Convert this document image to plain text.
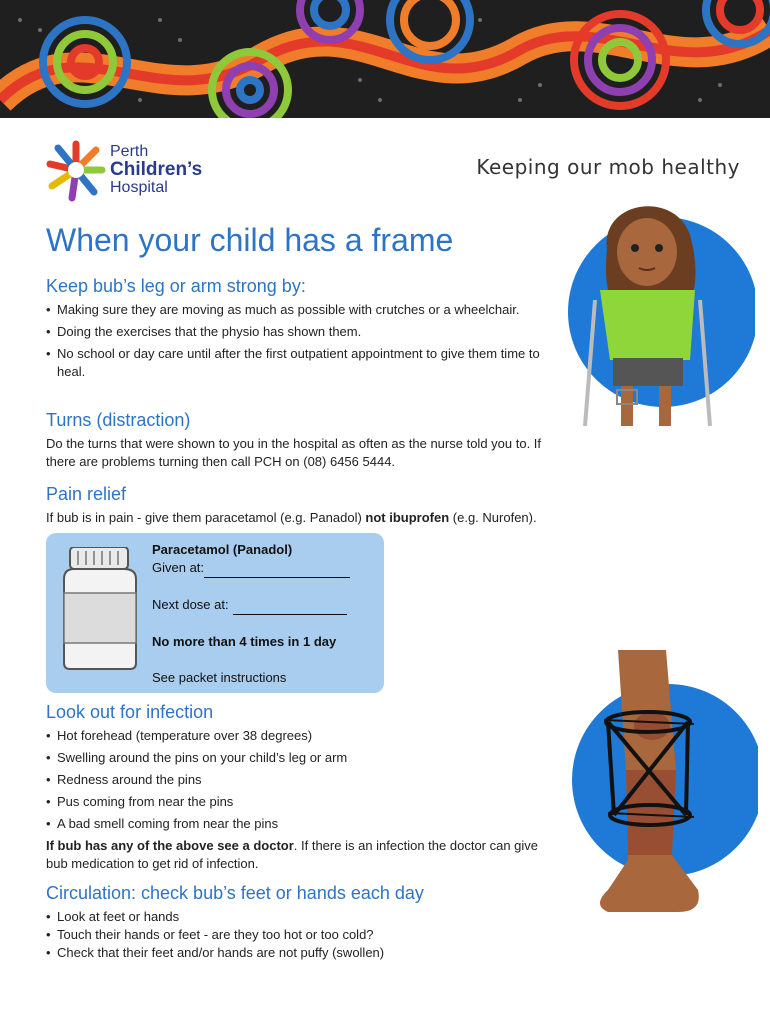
Perth
Children’s
Hospital
Keeping our mob healthy
When your child has a frame
Keep bub’s leg or arm strong by:
• Making sure they are moving as much as possible with crutches or a wheelchair.
• Doing the exercises that the physio has shown them.
• No school or day care until after the first outpatient appointment to give them time to heal.
Turns (distraction)

Do the turns that were shown to you in the hospital as often as the nurse told you to. If there are problems turning then call PCH on (08) 6456 5444.

Pain relief

If bub is in pain - give them paracetamol (e.g. Panadol) not ibuprofen (e.g. Nurofen).

Paracetamol (Panadol)
Given at:
Next dose at:
No more than 4 times in 1 day
See packet instructions
Look out for infection
• Hot forehead (temperature over 38 degrees)
• Swelling around the pins on your child’s leg or arm
• Redness around the pins
• Pus coming from near the pins
• A bad smell coming from near the pins

If bub has any of the above see a doctor. If there is an infection the doctor can give bub medication to get rid of infection.

Circulation: check bub’s feet or hands each day
• Look at feet or hands
• Touch their hands or feet - are they too hot or too cold?
• Check that their feet and/or hands are not puffy (swollen)
